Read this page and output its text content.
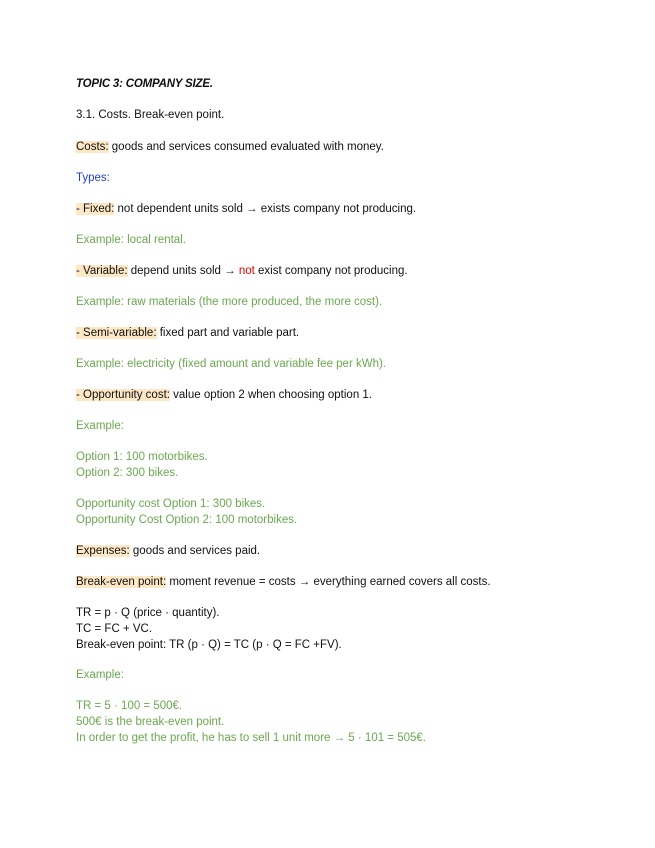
TOPIC 3: COMPANY SIZE.
3.1. Costs. Break-even point.
Costs: goods and services consumed evaluated with money.
Types:
- Fixed: not dependent units sold → exists company not producing.
Example: local rental.
- Variable: depend units sold → not exist company not producing.
Example: raw materials (the more produced, the more cost).
- Semi-variable: fixed part and variable part.
Example: electricity (fixed amount and variable fee per kWh).
- Opportunity cost: value option 2 when choosing option 1.
Example:
Option 1: 100 motorbikes.
Option 2: 300 bikes.
Opportunity cost Option 1: 300 bikes.
Opportunity Cost Option 2: 100 motorbikes.
Expenses: goods and services paid.
Break-even point: moment revenue = costs → everything earned covers all costs.
TR = p · Q (price · quantity).
TC = FC + VC.
Break-even point: TR (p · Q) = TC (p · Q = FC +FV).
Example:
TR = 5 · 100 = 500€.
500€ is the break-even point.
In order to get the profit, he has to sell 1 unit more → 5 · 101 = 505€.
